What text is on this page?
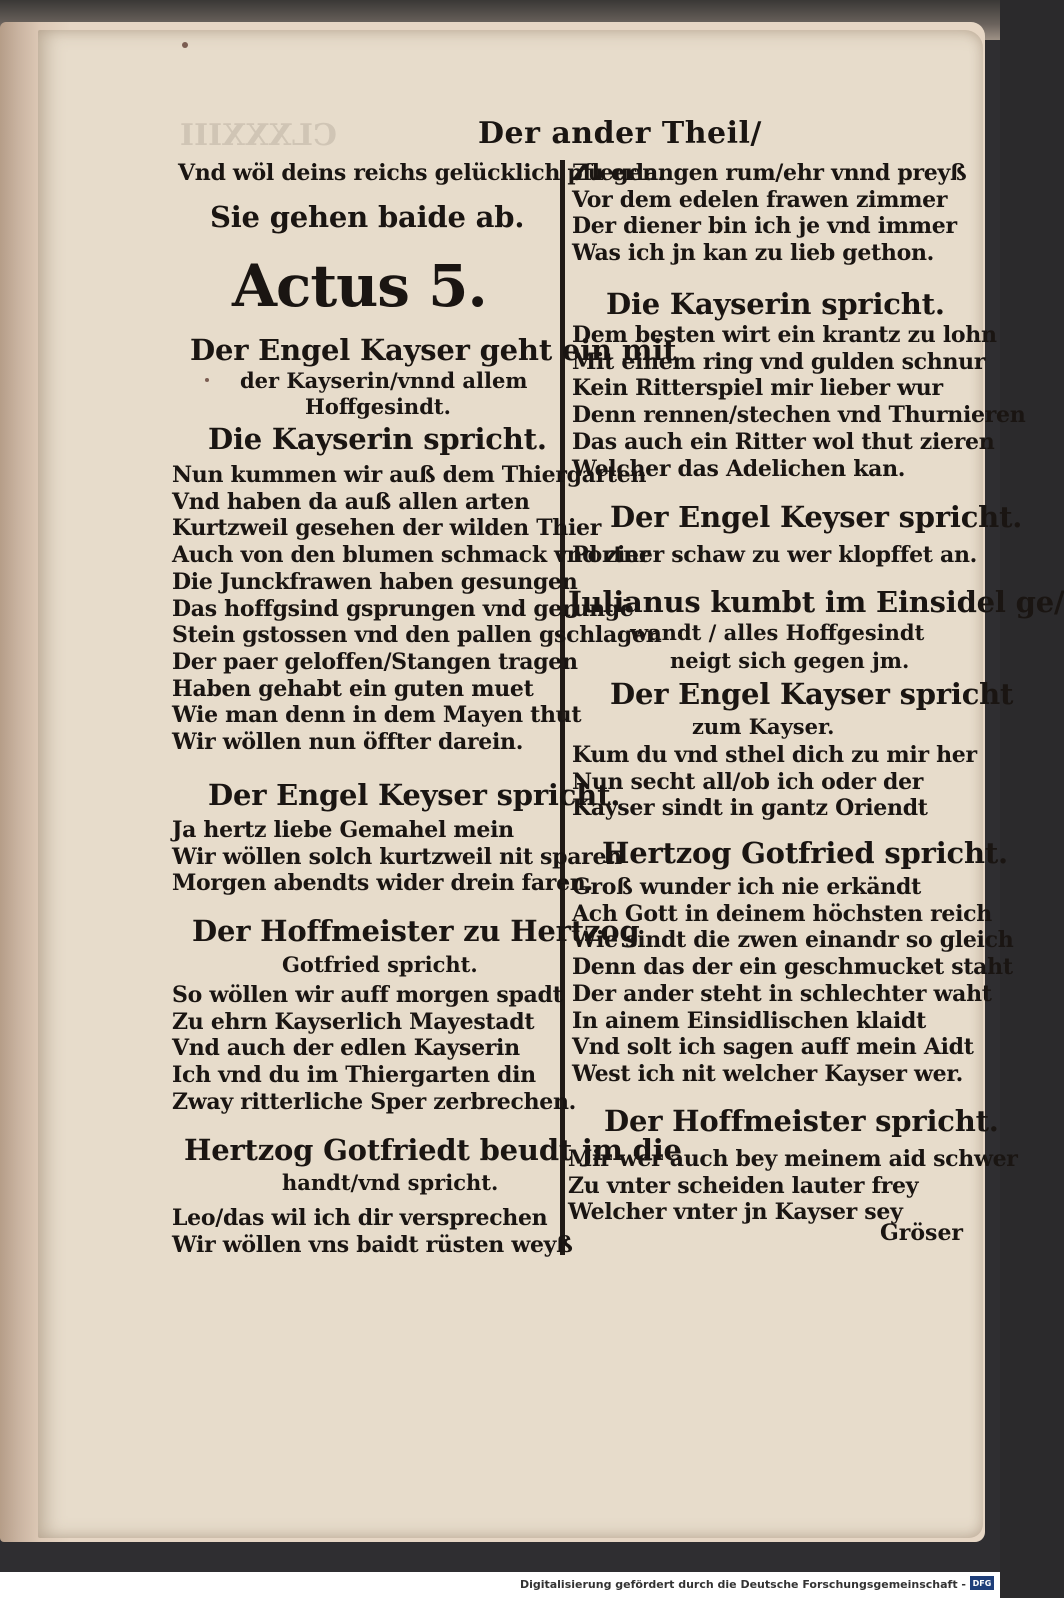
CLXXXIII	Der ander Theil/
Vnd wöl deins reichs gelücklich pflegen.
Sie gehen baide ab.
Actus 5.
Der Engel Kayser geht ein mit
der Kayserin/vnnd allem
Hoffgesindt.
Die Kayserin spricht.
Nun kummen wir auß dem Thiergarten
Vnd haben da auß allen arten
Kurtzweil gesehen der wilden Thier
Auch von den blumen schmack vnd zier
Die Junckfrawen haben gesungen
Das hoffgsind gsprungen vnd gerungē
Stein gstossen vnd den pallen gschlagen
Der paer geloffen/Stangen tragen
Haben gehabt ein guten muet
Wie man denn in dem Mayen thut
Wir wöllen nun öffter darein.
Der Engel Keyser spricht.
Ja hertz liebe Gemahel mein
Wir wöllen solch kurtzweil nit sparen
Morgen abendts wider drein faren.
Der Hoffmeister zu Hertzog
Gotfried spricht.
So wöllen wir auff morgen spadt
Zu ehrn Kayserlich Mayestadt
Vnd auch der edlen Kayserin
Ich vnd du im Thiergarten din
Zway ritterliche Sper zerbrechen.
Hertzog Gotfriedt beudt jm die
handt/vnd spricht.
Leo/das wil ich dir versprechen
Wir wöllen vns baidt rüsten weyß
Zu erlangen rum/ehr vnnd preyß
Vor dem edelen frawen zimmer
Der diener bin ich je vnd immer
Was ich jn kan zu lieb gethon.
Die Kayserin spricht.
Dem besten wirt ein krantz zu lohn
Mit einem ring vnd gulden schnur
Kein Ritterspiel mir lieber wur
Denn rennen/stechen vnd Thurnieren
Das auch ein Ritter wol thut zieren
Welcher das Adelichen kan.
Der Engel Keyser spricht.
Portner schaw zu wer klopffet an.
Julianus kumbt im Einsidel ge/
wandt / alles Hoffgesindt
neigt sich gegen jm.
Der Engel Kayser spricht
zum Kayser.
Kum du vnd sthel dich zu mir her
Nun secht all/ob ich oder der
Kayser sindt in gantz Oriendt
Hertzog Gotfried spricht.
Groß wunder ich nie erkändt
Ach Gott in deinem höchsten reich
Wie sindt die zwen einandr so gleich
Denn das der ein geschmucket staht
Der ander steht in schlechter waht
In ainem Einsidlischen klaidt
Vnd solt ich sagen auff mein Aidt
West ich nit welcher Kayser wer.
Der Hoffmeister spricht.
Mir wer auch bey meinem aid schwer
Zu vnter scheiden lauter frey
Welcher vnter jn Kayser sey
Gröser
Digitalisierung gefördert durch die Deutsche Forschungsgemeinschaft - DFG
